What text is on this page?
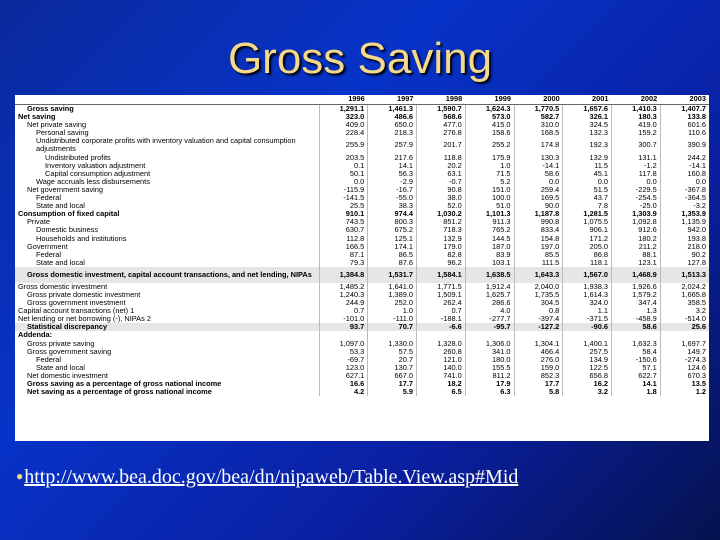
Gross Saving
	1996	1997	1998	1999	2000	2001	2002	2003
Gross saving	1,291.1	1,461.3	1,590.7	1,624.3	1,770.5	1,657.6	1,410.3	1,407.7
Net saving	323.0	486.6	568.6	573.0	582.7	326.1	180.3	133.8
Net private saving	409.0	650.0	477.0	415.0	310.0	324.5	419.0	601.6
Personal saving	228.4	218.3	276.8	158.6	168.5	132.3	159.2	110.6
Undistributed corporate profits with inventory valuation and capital consumption adjustments	255.9	257.9	201.7	255.2	174.8	192.3	300.7	390.9
Undistributed profits	203.5	217.6	118.8	175.9	130.3	132.9	131.1	244.2
Inventory valuation adjustment	0.1	14.1	20.2	1.0	-14.1	11.5	-1.2	-14.1
Capital consumption adjustment	50.1	56.3	63.1	71.5	58.6	45.1	117.8	160.8
Wage accruals less disbursements	0.0	-2.9	-0.7	5.2	0.0	0.0	0.0	0.0
Net government saving	-115.9	-16.7	90.8	151.0	259.4	51.5	-229.5	-367.8
Federal	-141.5	-55.0	38.0	100.0	169.5	43.7	-254.5	-364.5
State and local	25.5	38.3	52.0	51.0	90.0	7.8	-25.0	-3.2
Consumption of fixed capital	910.1	974.4	1,030.2	1,101.3	1,187.8	1,281.5	1,303.9	1,353.9
Private	743.5	800.3	851.2	911.3	990.8	1,075.5	1,092.8	1,135.9
Domestic business	630.7	675.2	718.3	765.2	833.4	906.1	912.6	942.0
Households and institutions	112.8	125.1	132.9	144.5	154.8	171.2	180.2	193.8
Government	166.5	174.1	179.0	187.0	197.0	205.0	211.2	218.0
Federal	87.1	86.5	82.8	83.9	85.5	86.8	88.1	90.2
State and local	79.3	87.6	96.2	103.1	111.5	118.1	123.1	127.8
Gross domestic investment, capital account transactions, and net lending, NIPAs	1,384.8	1,531.7	1,584.1	1,638.5	1,643.3	1,567.0	1,468.9	1,513.3
Gross domestic investment	1,485.2	1,641.0	1,771.5	1,912.4	2,040.0	1,938.3	1,926.6	2,024.2
Gross private domestic investment	1,240.3	1,389.0	1,509.1	1,625.7	1,735.5	1,614.3	1,579.2	1,665.8
Gross government investment	244.9	252.0	262.4	286.6	304.5	324.0	347.4	358.5
Capital account transactions (net) 1	0.7	1.0	0.7	4.0	0.8	1.1	1.3	3.2
Net lending or net borrowing (-), NIPAs 2	-101.0	-111.0	-188.1	-277.7	-397.4	-371.5	-458.9	-514.0
Statistical discrepancy	93.7	70.7	-6.6	-95.7	-127.2	-90.6	58.6	25.6
Addenda:								
Gross private saving	1,097.0	1,330.0	1,328.0	1,306.0	1,304.1	1,400.1	1,632.3	1,697.7
Gross government saving	53.3	57.5	260.8	341.0	466.4	257.5	58.4	149.7
Federal	-69.7	20.7	121.0	180.0	276.0	134.9	-150.6	-274.3
State and local	123.0	130.7	140.0	155.5	159.0	122.5	57.1	124.6
Net domestic investment	627.1	667.0	741.0	811.2	852.3	656.8	622.7	670.3
Gross saving as a percentage of gross national income	16.6	17.7	18.2	17.9	17.7	16.2	14.1	13.5
Net saving as a percentage of gross national income	4.2	5.9	6.5	6.3	5.8	3.2	1.8	1.2
●http://www.bea.doc.gov/bea/dn/nipaweb/Table.View.asp#Mid
